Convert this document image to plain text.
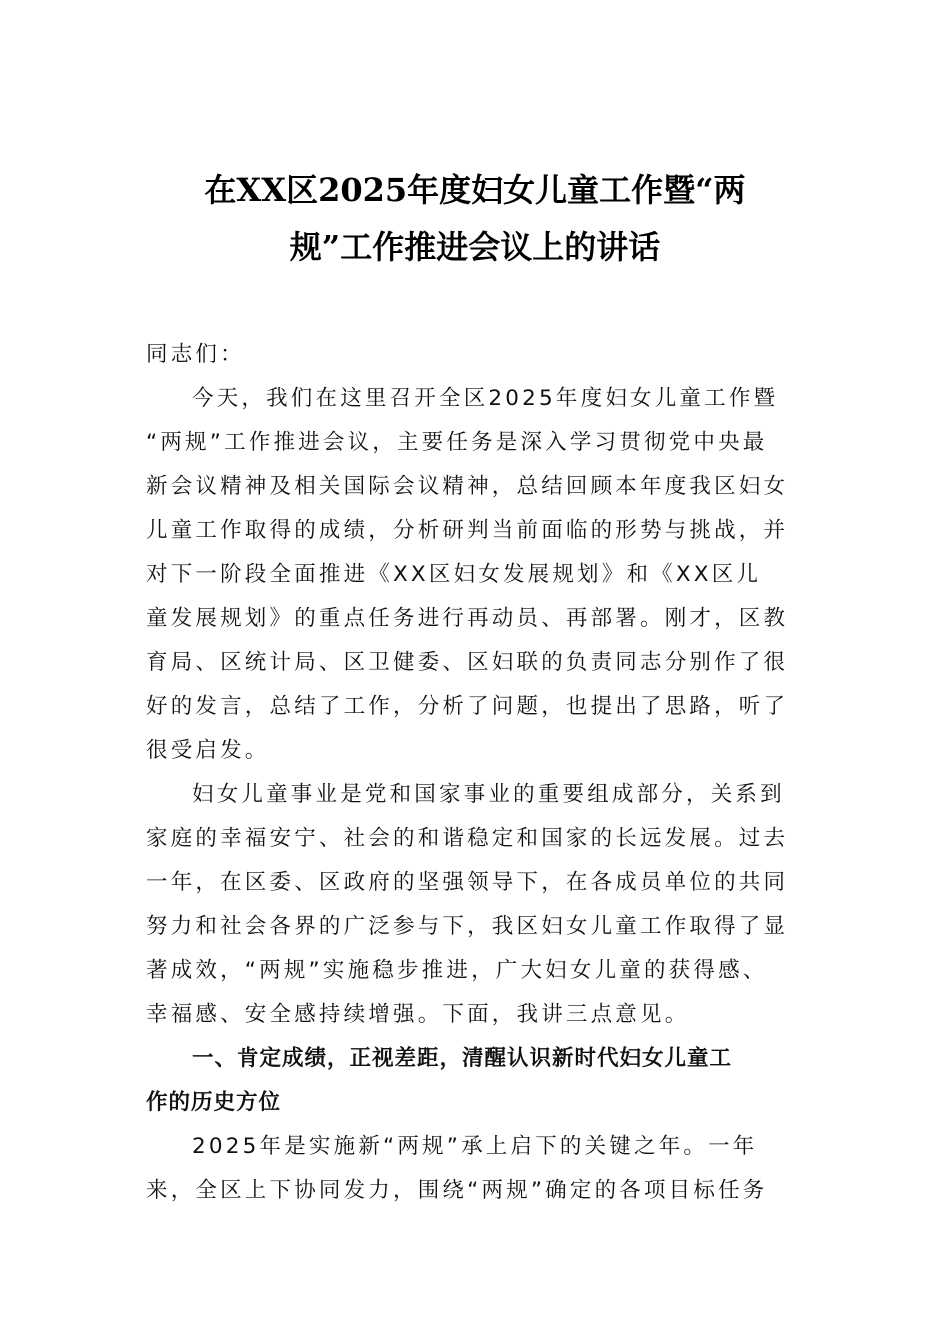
在XX区2025年度妇女儿童工作暨“两
规”工作推进会议上的讲话
同志们：
今天，我们在这里召开全区2025年度妇女儿童工作暨
“两规”工作推进会议，主要任务是深入学习贯彻党中央最
新会议精神及相关国际会议精神，总结回顾本年度我区妇女
儿童工作取得的成绩，分析研判当前面临的形势与挑战，并
对下一阶段全面推进《XX区妇女发展规划》和《XX区儿
童发展规划》的重点任务进行再动员、再部署。刚才，区教
育局、区统计局、区卫健委、区妇联的负责同志分别作了很
好的发言，总结了工作，分析了问题，也提出了思路，听了
很受启发。
妇女儿童事业是党和国家事业的重要组成部分，关系到
家庭的幸福安宁、社会的和谐稳定和国家的长远发展。过去
一年，在区委、区政府的坚强领导下，在各成员单位的共同
努力和社会各界的广泛参与下，我区妇女儿童工作取得了显
著成效，“两规”实施稳步推进，广大妇女儿童的获得感、
幸福感、安全感持续增强。下面，我讲三点意见。
一、肯定成绩，正视差距，清醒认识新时代妇女儿童工
作的历史方位
2025年是实施新“两规”承上启下的关键之年。一年
来，全区上下协同发力，围绕“两规”确定的各项目标任务
